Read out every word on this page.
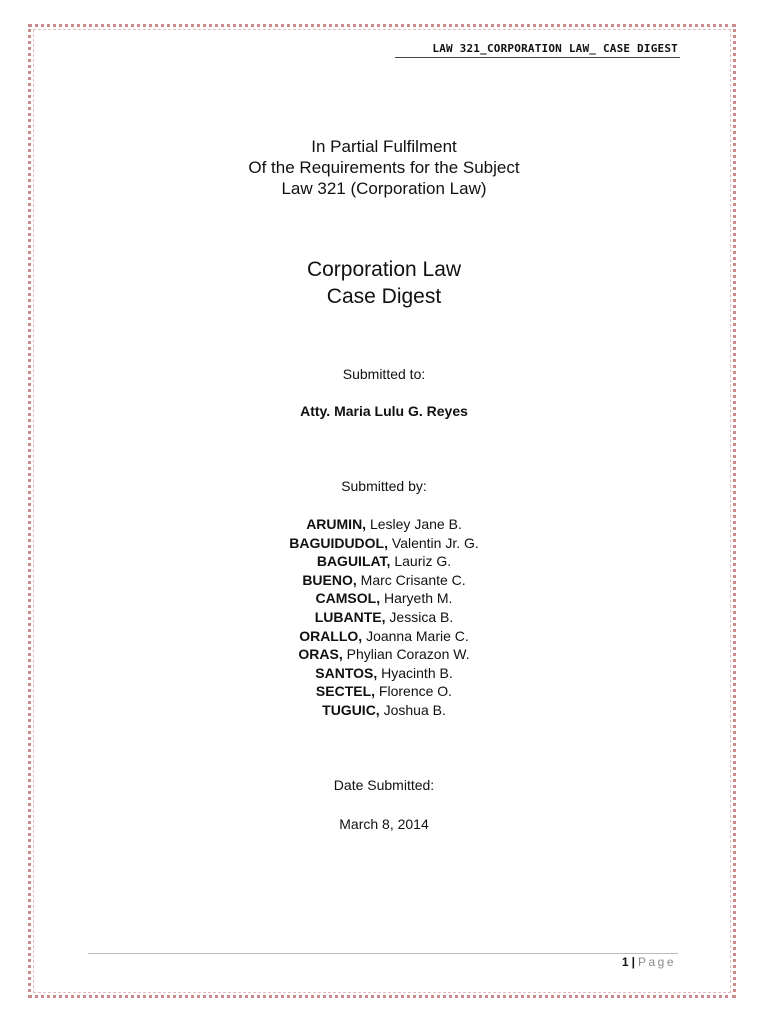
LAW 321_CORPORATION LAW_ CASE DIGEST
In Partial Fulfilment
Of the Requirements for the Subject
Law 321 (Corporation Law)
Corporation Law
Case Digest
Submitted to:
Atty. Maria Lulu G. Reyes
Submitted by:
ARUMIN, Lesley Jane B.
BAGUIDUDOL, Valentin Jr. G.
BAGUILAT, Lauriz G.
BUENO, Marc Crisante C.
CAMSOL, Haryeth M.
LUBANTE, Jessica B.
ORALLO, Joanna Marie C.
ORAS, Phylian Corazon W.
SANTOS, Hyacinth B.
SECTEL, Florence O.
TUGUIC, Joshua B.
Date Submitted:
March 8, 2014
1 | Page
